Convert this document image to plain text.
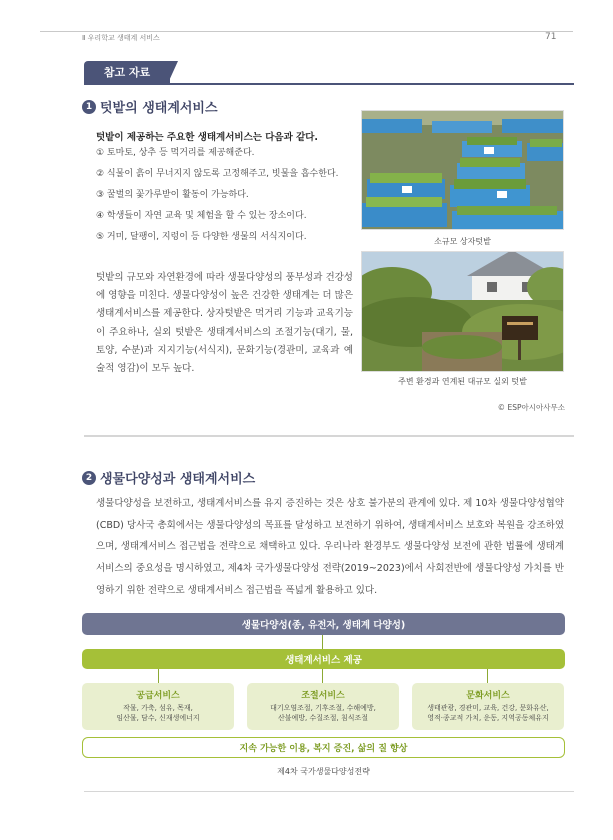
Ⅱ 우리학교 생태계 서비스	71
참고 자료
1 텃밭의 생태계서비스
텃밭이 제공하는 주요한 생태계서비스는 다음과 같다.
① 토마토, 상추 등 먹거리를 제공해준다.
② 식물이 흙이 무너지지 않도록 고정해주고, 빗물을 흡수한다.
③ 꿀벌의 꽃가루받이 활동이 가능하다.
④ 학생들이 자연 교육 및 체험을 할 수 있는 장소이다.
⑤ 거미, 달팽이, 지렁이 등 다양한 생물의 서식지이다.
텃밭의 규모와 자연환경에 따라 생물다양성의 풍부성과 건강성에 영향을 미친다. 생물다양성이 높은 건강한 생태계는 더 많은 생태계서비스를 제공한다. 상자텃밭은 먹거리 기능과 교육기능이 주요하나, 실외 텃밭은 생태계서비스의 조절기능(대기, 물, 토양, 수분)과 지지기능(서식지), 문화기능(경관미, 교육과 예술적 영감)이 모두 높다.
소규모 상자텃밭
주변 환경과 연계된 대규모 실외 텃밭
© ESP아시아사무소
2 생물다양성과 생태계서비스
생물다양성을 보전하고, 생태계서비스를 유지 증진하는 것은 상호 불가분의 관계에 있다. 제 10차 생물다양성협약(CBD) 당사국 총회에서는 생물다양성의 목표를 달성하고 보전하기 위하여, 생태계서비스 보호와 복원을 강조하였으며, 생태계서비스 접근법을 전략으로 채택하고 있다. 우리나라 환경부도 생물다양성 보전에 관한 법률에 생태계서비스의 중요성을 명시하였고, 제4차 국가생물다양성 전략(2019~2023)에서 사회전반에 생물다양성 가치를 반영하기 위한 전략으로 생태계서비스 접근법을 폭넓게 활용하고 있다.
생물다양성(종, 유전자, 생태계 다양성)
생태계서비스 제공
공급서비스
작물, 가축, 섬유, 목재,
임산물, 담수, 신재생에너지
조절서비스
대기오염조절, 기후조절, 수해예방,
산불예방, 수질조절, 침식조절
문화서비스
생태관광, 경관미, 교육, 건강, 문화유산,
영적·종교적 가치, 운동, 지역공동체유지
지속 가능한 이용, 복지 증진, 삶의 질 향상
제4차 국가생물다양성전략
